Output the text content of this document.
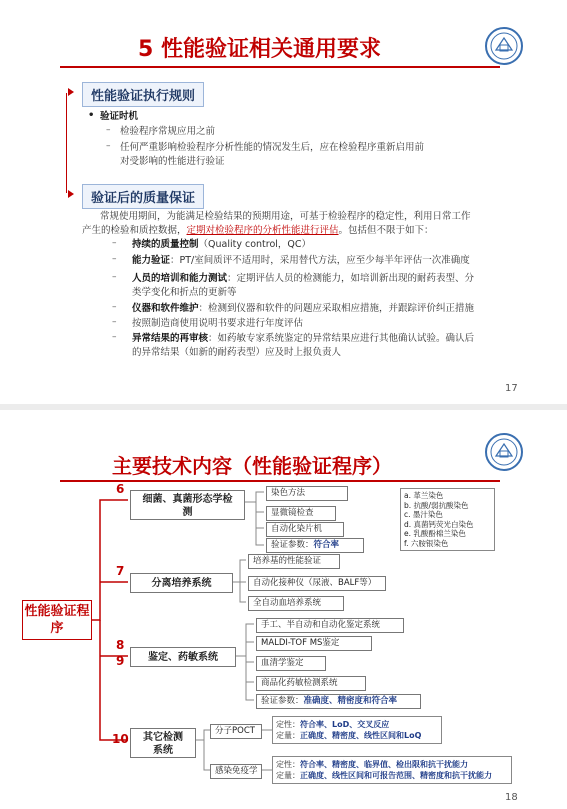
5 性能验证相关通用要求
性能验证执行规则
• 验证时机
– 检验程序常规应用之前
– 任何严重影响检验程序分析性能的情况发生后，应在检验程序重新启用前
对受影响的性能进行验证
验证后的质量保证
常规使用期间，为能满足检验结果的预期用途，可基于检验程序的稳定性，利用日常工作
产生的检验和质控数据，定期对检验程序的分析性能进行评估。包括但不限于如下：
– 持续的质量控制（Quality control，QC）
– 能力验证：PT/室间质评不适用时，采用替代方法，应至少每半年评估一次准确度
– 人员的培训和能力测试：定期评估人员的检测能力，如培训新出现的耐药表型、分
类学变化和折点的更新等
– 仪器和软件维护：检测到仪器和软件的问题应采取相应措施，并跟踪评价纠正措施
– 按照制造商使用说明书要求进行年度评估
– 异常结果的再审核：如药敏专家系统鉴定的异常结果应进行其他确认试验。确认后
的异常结果（如新的耐药表型）应及时上报负责人
17
主要技术内容（性能验证程序）
性能验证程序
6
细菌、真菌形态学检测
染色方法
显微镜检查
自动化染片机
验证参数：符合率
a. 革兰染色
b. 抗酸/弱抗酸染色
c. 墨汁染色
d. 真菌钙荧光白染色
e. 乳酸酚棉兰染色
f. 六胺银染色
7
分离培养系统
培养基的性能验证
自动化接种仪（尿液、BALF等）
全自动血培养系统
8
9	鉴定、药敏系统
手工、半自动和自动化鉴定系统
MALDI-TOF MS鉴定
血清学鉴定
商品化药敏检测系统
验证参数：准确度、精密度和符合率
10	其它检测系统
分子POCT
感染免疫学
定性：符合率、LoD、交叉反应
定量：正确度、精密度、线性区间和LoQ
定性：符合率、精密度、临界值、检出限和抗干扰能力
定量：正确度、线性区间和可报告范围、精密度和抗干扰能力
18
